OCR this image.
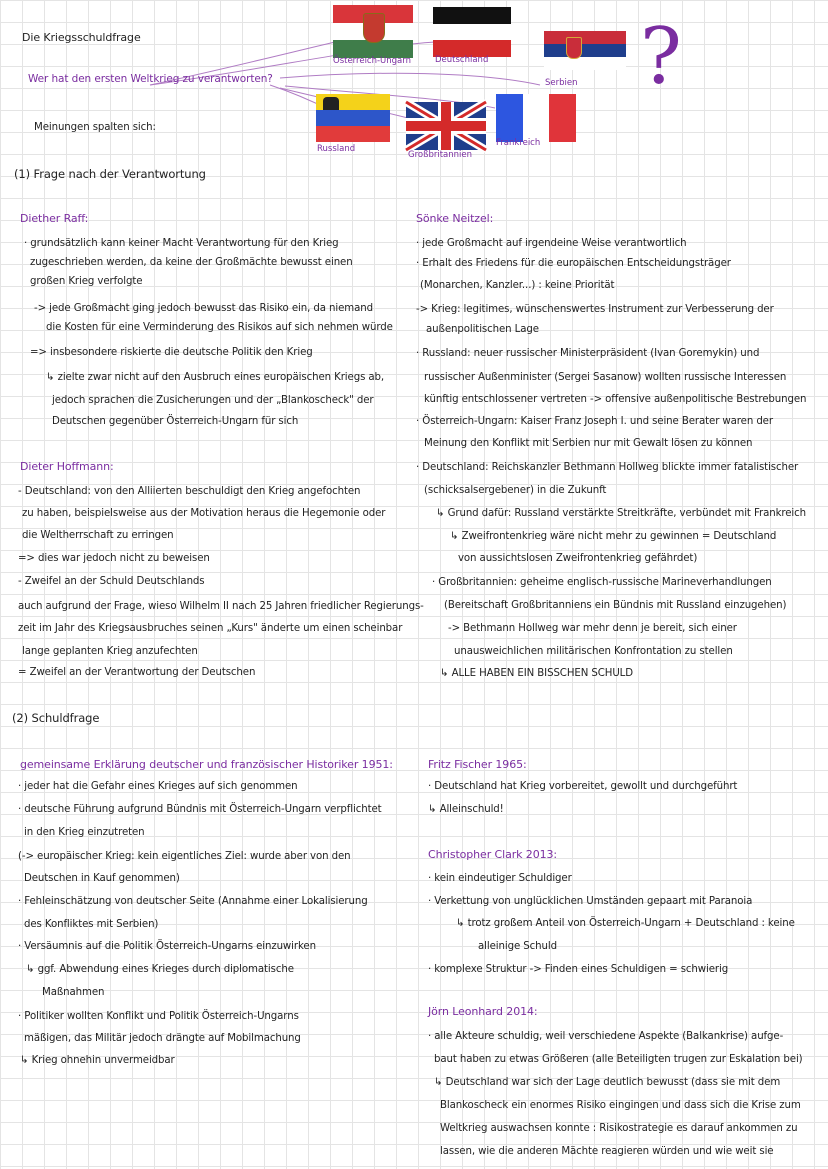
Die Kriegsschuldfrage
Wer hat den ersten Weltkrieg zu verantworten?
Meinungen spalten sich:
Österreich-Ungarn	Deutschland
Serbien
Russland
Großbritannien
Frankreich
?
(1) Frage nach der Verantwortung
Diether Raff:
· grundsätzlich kann keiner Macht Verantwortung für den Krieg
zugeschrieben werden, da keine der Großmächte bewusst einen
großen Krieg verfolgte
-> jede Großmacht ging jedoch bewusst das Risiko ein, da niemand
die Kosten für eine Verminderung des Risikos auf sich nehmen würde
=> insbesondere riskierte die deutsche Politik den Krieg
↳ zielte zwar nicht auf den Ausbruch eines europäischen Kriegs ab,
jedoch sprachen die Zusicherungen und der „Blankoscheck" der
Deutschen gegenüber Österreich-Ungarn für sich
Dieter Hoffmann:
- Deutschland: von den Alliierten beschuldigt den Krieg angefochten
zu haben, beispielsweise aus der Motivation heraus die Hegemonie oder
die Weltherrschaft zu erringen
=> dies war jedoch nicht zu beweisen
- Zweifel an der Schuld Deutschlands
auch aufgrund der Frage, wieso Wilhelm II nach 25 Jahren friedlicher Regierungs-
zeit im Jahr des Kriegsausbruches seinen „Kurs" änderte um einen scheinbar
lange geplanten Krieg anzufechten
= Zweifel an der Verantwortung der Deutschen
Sönke Neitzel:
· jede Großmacht auf irgendeine Weise verantwortlich
· Erhalt des Friedens für die europäischen Entscheidungsträger
(Monarchen, Kanzler...) : keine Priorität
-> Krieg: legitimes, wünschenswertes Instrument zur Verbesserung der
außenpolitischen Lage
· Russland: neuer russischer Ministerpräsident (Ivan Goremykin) und
russischer Außenminister (Sergei Sasanow) wollten russische Interessen
künftig entschlossener vertreten -> offensive außenpolitische Bestrebungen
· Österreich-Ungarn: Kaiser Franz Joseph I. und seine Berater waren der
Meinung den Konflikt mit Serbien nur mit Gewalt lösen zu können
· Deutschland: Reichskanzler Bethmann Hollweg blickte immer fatalistischer
(schicksalsergebener) in die Zukunft
↳ Grund dafür: Russland verstärkte Streitkräfte, verbündet mit Frankreich
↳ Zweifrontenkrieg wäre nicht mehr zu gewinnen = Deutschland
von aussichtslosen Zweifrontenkrieg gefährdet)
· Großbritannien: geheime englisch-russische Marineverhandlungen
(Bereitschaft Großbritanniens ein Bündnis mit Russland einzugehen)
-> Bethmann Hollweg war mehr denn je bereit, sich einer
unausweichlichen militärischen Konfrontation zu stellen
↳ ALLE HABEN EIN BISSCHEN SCHULD
(2) Schuldfrage
gemeinsame Erklärung deutscher und französischer Historiker 1951:
· jeder hat die Gefahr eines Krieges auf sich genommen
· deutsche Führung aufgrund Bündnis mit Österreich-Ungarn verpflichtet
in den Krieg einzutreten
(-> europäischer Krieg: kein eigentliches Ziel: wurde aber von den
Deutschen in Kauf genommen)
· Fehleinschätzung von deutscher Seite (Annahme einer Lokalisierung
des Konfliktes mit Serbien)
· Versäumnis auf die Politik Österreich-Ungarns einzuwirken
↳ ggf. Abwendung eines Krieges durch diplomatische
Maßnahmen
· Politiker wollten Konflikt und Politik Österreich-Ungarns
mäßigen, das Militär jedoch drängte auf Mobilmachung
↳ Krieg ohnehin unvermeidbar
Fritz Fischer 1965:
· Deutschland hat Krieg vorbereitet, gewollt und durchgeführt
↳ Alleinschuld!
Christopher Clark 2013:
· kein eindeutiger Schuldiger
· Verkettung von unglücklichen Umständen gepaart mit Paranoia
↳ trotz großem Anteil von Österreich-Ungarn + Deutschland : keine
alleinige Schuld
· komplexe Struktur -> Finden eines Schuldigen = schwierig
Jörn Leonhard 2014:
· alle Akteure schuldig, weil verschiedene Aspekte (Balkankrise) aufge-
baut haben zu etwas Größeren (alle Beteiligten trugen zur Eskalation bei)
↳ Deutschland war sich der Lage deutlich bewusst (dass sie mit dem
Blankoscheck ein enormes Risiko eingingen und dass sich die Krise zum
Weltkrieg auswachsen konnte : Risikostrategie es darauf ankommen zu
lassen, wie die anderen Mächte reagieren würden und wie weit sie
